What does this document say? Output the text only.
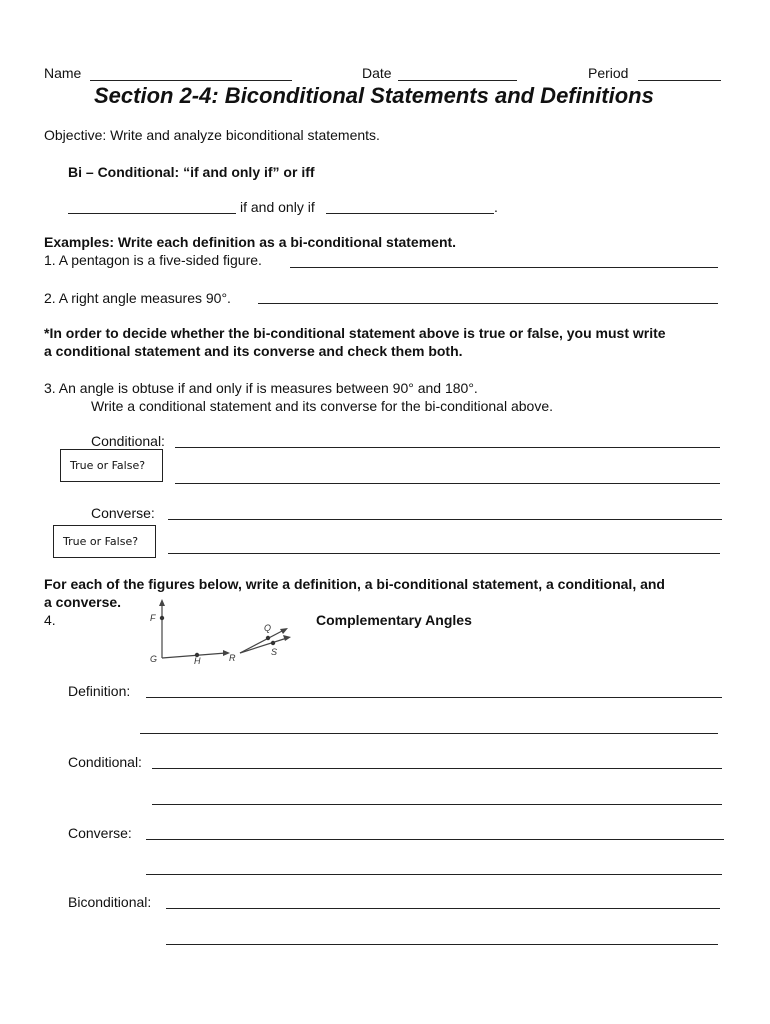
Name	Date	Period
Section 2-4: Biconditional Statements and Definitions
Objective: Write and analyze biconditional statements.
Bi – Conditional: “if and only if” or iff
if and only if	.
Examples: Write each definition as a bi-conditional statement.
1. A pentagon is a five-sided figure.
2. A right angle measures 90°.
*In order to decide whether the bi-conditional statement above is true or false, you must write
a conditional statement and its converse and check them both.
3. An angle is obtuse if and only if is measures between 90° and 180°.
Write a conditional statement and its converse for the bi-conditional above.
Conditional:
True or False?
Converse:
True or False?
For each of the figures below, write a definition, a bi-conditional statement, a conditional, and
a converse.
4.	Complementary Angles
F
G	H	R
Q
S
Definition:
Conditional:
Converse:
Biconditional:
